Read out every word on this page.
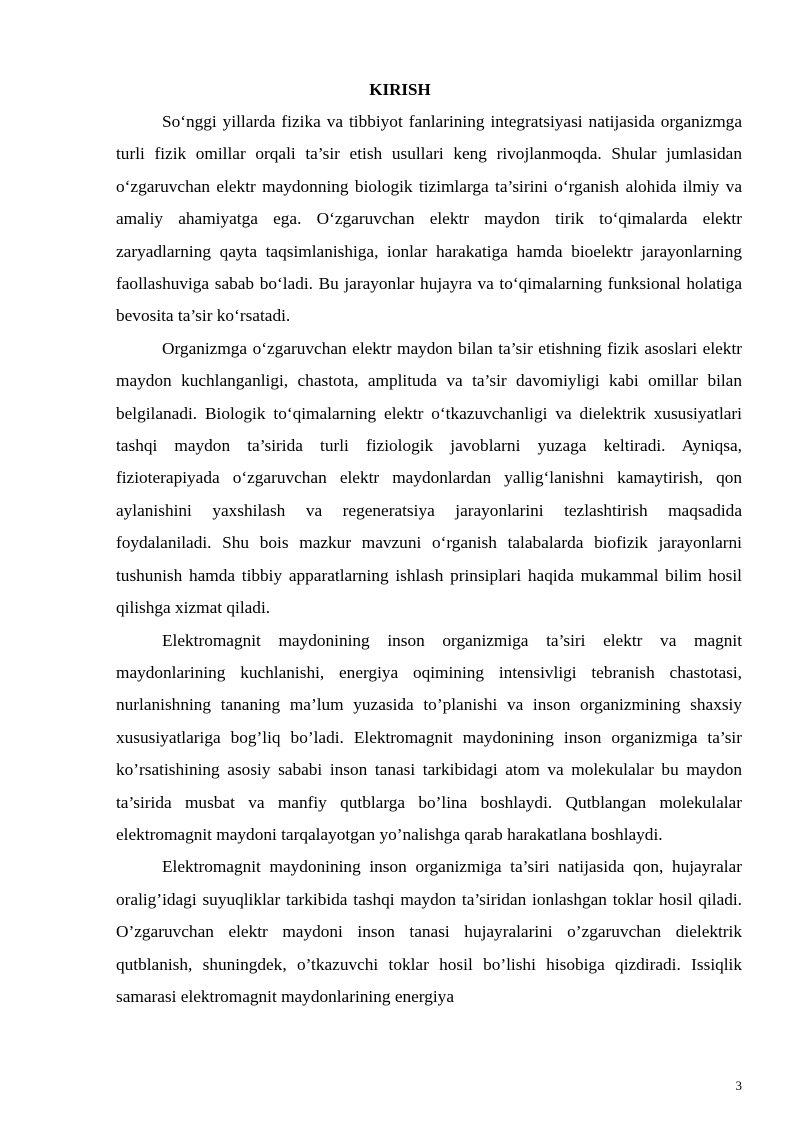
KIRISH

So‘nggi yillarda fizika va tibbiyot fanlarining integratsiyasi natijasida organizmga turli fizik omillar orqali ta’sir etish usullari keng rivojlanmoqda. Shular jumlasidan o‘zgaruvchan elektr maydonning biologik tizimlarga ta’sirini o‘rganish alohida ilmiy va amaliy ahamiyatga ega. O‘zgaruvchan elektr maydon tirik to‘qimalarda elektr zaryadlarning qayta taqsimlanishiga, ionlar harakatiga hamda bioelektr jarayonlarning faollashuviga sabab bo‘ladi. Bu jarayonlar hujayra va to‘qimalarning funksional holatiga bevosita ta’sir ko‘rsatadi.

Organizmga o‘zgaruvchan elektr maydon bilan ta’sir etishning fizik asoslari elektr maydon kuchlanganligi, chastota, amplituda va ta’sir davomiyligi kabi omillar bilan belgilanadi. Biologik to‘qimalarning elektr o‘tkazuvchanligi va dielektrik xususiyatlari tashqi maydon ta’sirida turli fiziologik javoblarni yuzaga keltiradi. Ayniqsa, fizioterapiyada o‘zgaruvchan elektr maydonlardan yallig‘lanishni kamaytirish, qon aylanishini yaxshilash va regeneratsiya jarayonlarini tezlashtirish maqsadida foydalaniladi. Shu bois mazkur mavzuni o‘rganish talabalarda biofizik jarayonlarni tushunish hamda tibbiy apparatlarning ishlash prinsiplari haqida mukammal bilim hosil qilishga xizmat qiladi.

Elektromagnit maydonining inson organizmiga ta’siri elektr va magnit maydonlarining kuchlanishi, energiya oqimining intensivligi tebranish chastotasi, nurlanishning tananing ma’lum yuzasida to’planishi va inson organizmining shaxsiy xususiyatlariga bog’liq bo’ladi. Elektromagnit maydonining inson organizmiga ta’sir ko’rsatishining asosiy sababi inson tanasi tarkibidagi atom va molekulalar bu maydon ta’sirida musbat va manfiy qutblarga bo’lina boshlaydi. Qutblangan molekulalar elektromagnit maydoni tarqalayotgan yo’nalishga qarab harakatlana boshlaydi.

Elektromagnit maydonining inson organizmiga ta’siri natijasida qon, hujayralar oralig’idagi suyuqliklar tarkibida tashqi maydon ta’siridan ionlashgan toklar hosil qiladi. O’zgaruvchan elektr maydoni inson tanasi hujayralarini o’zgaruvchan dielektrik qutblanish, shuningdek, o’tkazuvchi toklar hosil bo’lishi hisobiga qizdiradi. Issiqlik samarasi elektromagnit maydonlarining energiya

3
